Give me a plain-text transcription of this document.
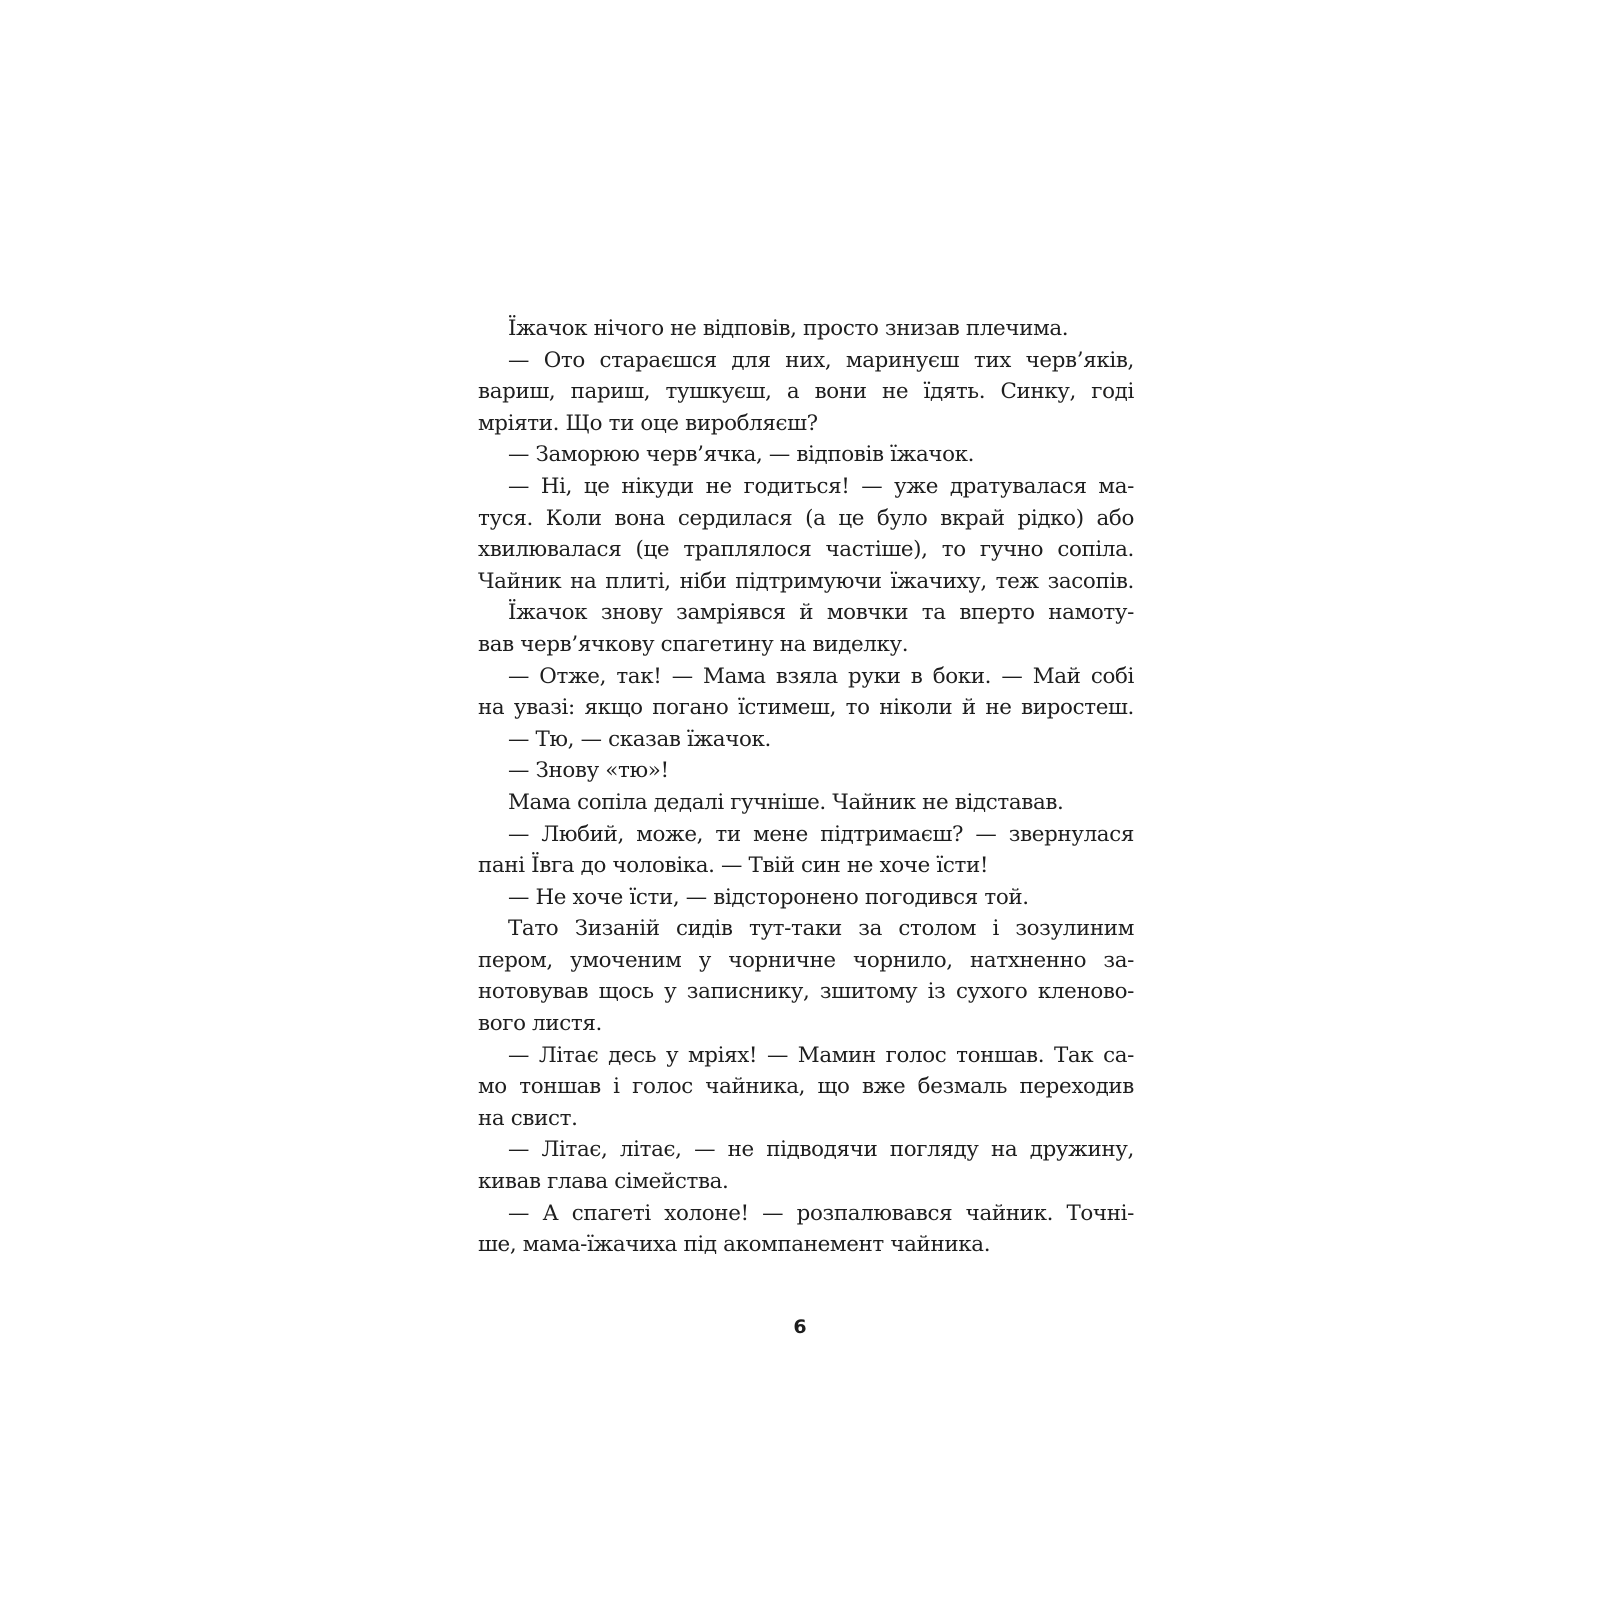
Їжачок нічого не відповів, просто знизав плечима.
— Ото стараєшся для них, маринуєш тих черв’яків,
вариш, париш, тушкуєш, а вони не їдять. Синку, годі
мріяти. Що ти оце виробляєш?
— Заморюю черв’ячка, — відповів їжачок.
— Ні, це нікуди не годиться! — уже дратувалася ма-
туся. Коли вона сердилася (а це було вкрай рідко) або
хвилювалася (це траплялося частіше), то гучно сопіла.
Чайник на плиті, ніби підтримуючи їжачиху, теж засопів.
Їжачок знову замріявся й мовчки та вперто намоту-
вав черв’ячкову спагетину на виделку.
— Отже, так! — Мама взяла руки в боки. — Май собі
на увазі: якщо погано їстимеш, то ніколи й не виростеш.
— Тю, — сказав їжачок.
— Знову «тю»!
Мама сопіла дедалі гучніше. Чайник не відставав.
— Любий, може, ти мене підтримаєш? — звернулася
пані Ївга до чоловіка. — Твій син не хоче їсти!
— Не хоче їсти, — відсторонено погодився той.
Тато Зизаній сидів тут-таки за столом і зозулиним
пером, умоченим у чорничне чорнило, натхненно за-
нотовував щось у записнику, зшитому із сухого кленово-
вого листя.
— Літає десь у мріях! — Мамин голос тоншав. Так са-
мо тоншав і голос чайника, що вже безмаль переходив
на свист.
— Літає, літає, — не підводячи погляду на дружину,
кивав глава сімейства.
— А спагеті холоне! — розпалювався чайник. Точні-
ше, мама-їжачиха під акомпанемент чайника.
6
